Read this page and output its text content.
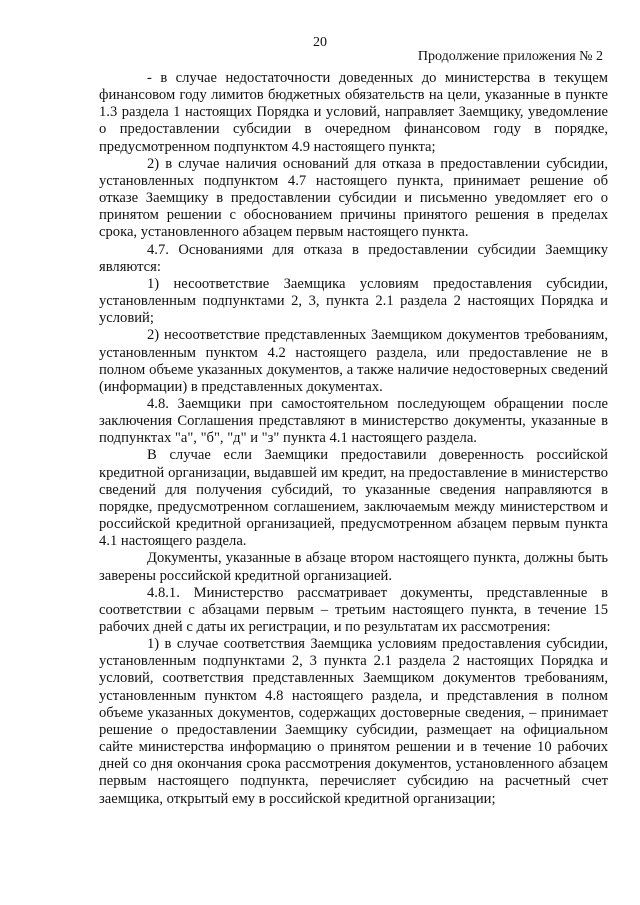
20
Продолжение приложения № 2

- в случае недостаточности доведенных до министерства в текущем финансовом году лимитов бюджетных обязательств на цели, указанные в пункте 1.3 раздела 1 настоящих Порядка и условий, направляет Заемщику, уведомление о предоставлении субсидии в очередном финансовом году в порядке, предусмотренном подпунктом 4.9 настоящего пункта;

2) в случае наличия оснований для отказа в предоставлении субсидии, установленных подпунктом 4.7 настоящего пункта, принимает решение об отказе Заемщику в предоставлении субсидии и письменно уведомляет его о принятом решении с обоснованием причины принятого решения в пределах срока, установленного абзацем первым настоящего пункта.

4.7. Основаниями для отказа в предоставлении субсидии Заемщику являются:

1) несоответствие Заемщика условиям предоставления субсидии, установленным подпунктами 2, 3, пункта 2.1 раздела 2 настоящих Порядка и условий;

2) несоответствие представленных Заемщиком документов требованиям, установленным пунктом 4.2 настоящего раздела, или предоставление не в полном объеме указанных документов, а также наличие недостоверных сведений (информации) в представленных документах.

4.8. Заемщики при самостоятельном последующем обращении после заключения Соглашения представляют в министерство документы, указанные в подпунктах "а", "б", "д" и "з" пункта 4.1 настоящего раздела.

В случае если Заемщики предоставили доверенность российской кредитной организации, выдавшей им кредит, на предоставление в министерство сведений для получения субсидий, то указанные сведения направляются в порядке, предусмотренном соглашением, заключаемым между министерством и российской кредитной организацией, предусмотренном абзацем первым пункта 4.1 настоящего раздела.

Документы, указанные в абзаце втором настоящего пункта, должны быть заверены российской кредитной организацией.

4.8.1. Министерство рассматривает документы, представленные в соответствии с абзацами первым – третьим настоящего пункта, в течение 15 рабочих дней с даты их регистрации, и по результатам их рассмотрения:

1) в случае соответствия Заемщика условиям предоставления субсидии, установленным подпунктами 2, 3 пункта 2.1 раздела 2 настоящих Порядка и условий, соответствия представленных Заемщиком документов требованиям, установленным пунктом 4.8 настоящего раздела, и представления в полном объеме указанных документов, содержащих достоверные сведения, – принимает решение о предоставлении Заемщику субсидии, размещает на официальном сайте министерства информацию о принятом решении и в течение 10 рабочих дней со дня окончания срока рассмотрения документов, установленного абзацем первым настоящего подпункта, перечисляет субсидию на расчетный счет заемщика, открытый ему в российской кредитной организации;
